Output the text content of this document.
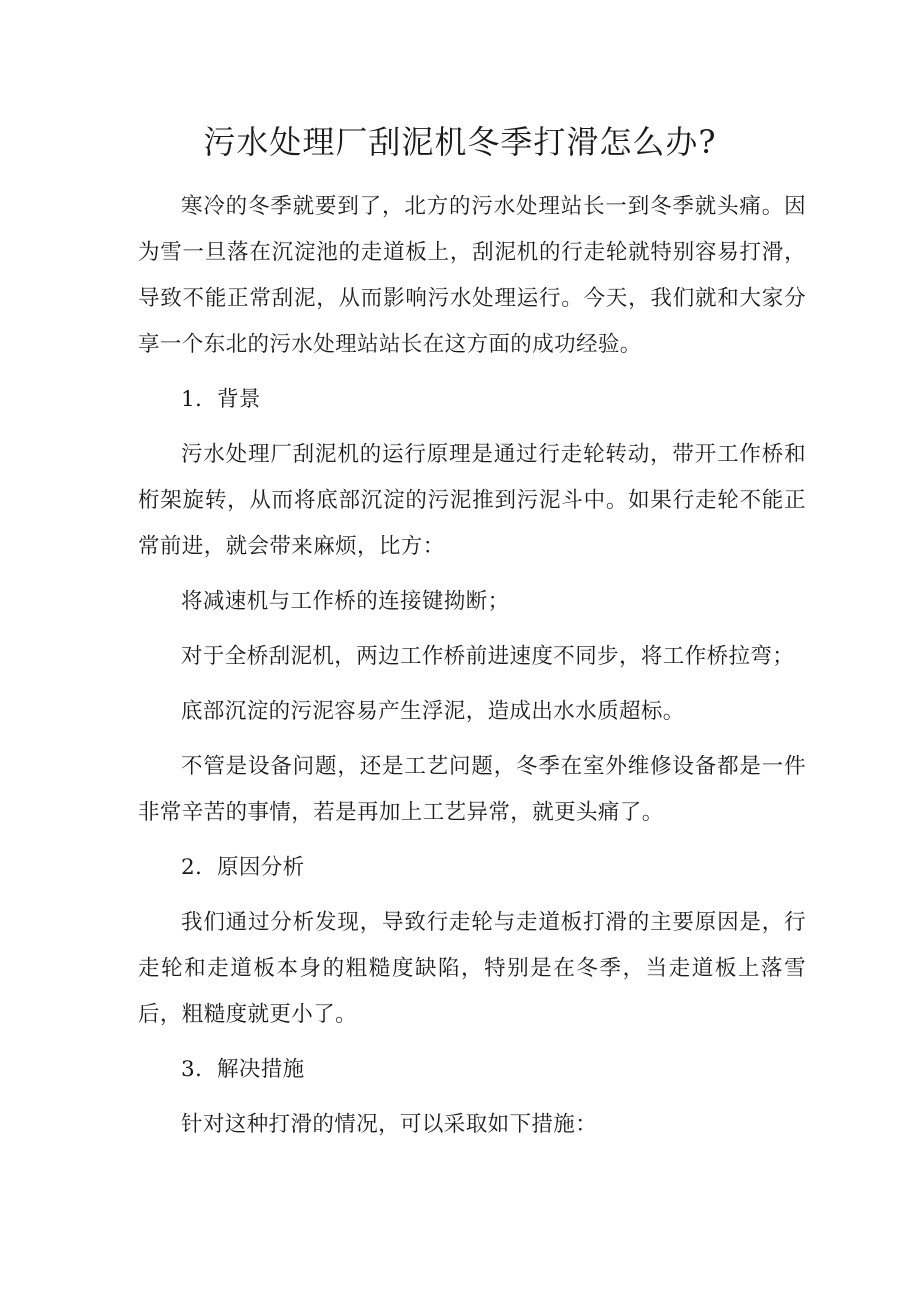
污水处理厂刮泥机冬季打滑怎么办?

寒冷的冬季就要到了，北方的污水处理站长一到冬季就头痛。因为雪一旦落在沉淀池的走道板上，刮泥机的行走轮就特别容易打滑，导致不能正常刮泥，从而影响污水处理运行。今天，我们就和大家分享一个东北的污水处理站站长在这方面的成功经验。

1．背景

污水处理厂刮泥机的运行原理是通过行走轮转动，带开工作桥和桁架旋转，从而将底部沉淀的污泥推到污泥斗中。如果行走轮不能正常前进，就会带来麻烦，比方：

将减速机与工作桥的连接键拗断；

对于全桥刮泥机，两边工作桥前进速度不同步，将工作桥拉弯；

底部沉淀的污泥容易产生浮泥，造成出水水质超标。

不管是设备问题，还是工艺问题，冬季在室外维修设备都是一件非常辛苦的事情，若是再加上工艺异常，就更头痛了。

2．原因分析

我们通过分析发现，导致行走轮与走道板打滑的主要原因是，行走轮和走道板本身的粗糙度缺陷，特别是在冬季，当走道板上落雪后，粗糙度就更小了。

3．解决措施

针对这种打滑的情况，可以采取如下措施：
